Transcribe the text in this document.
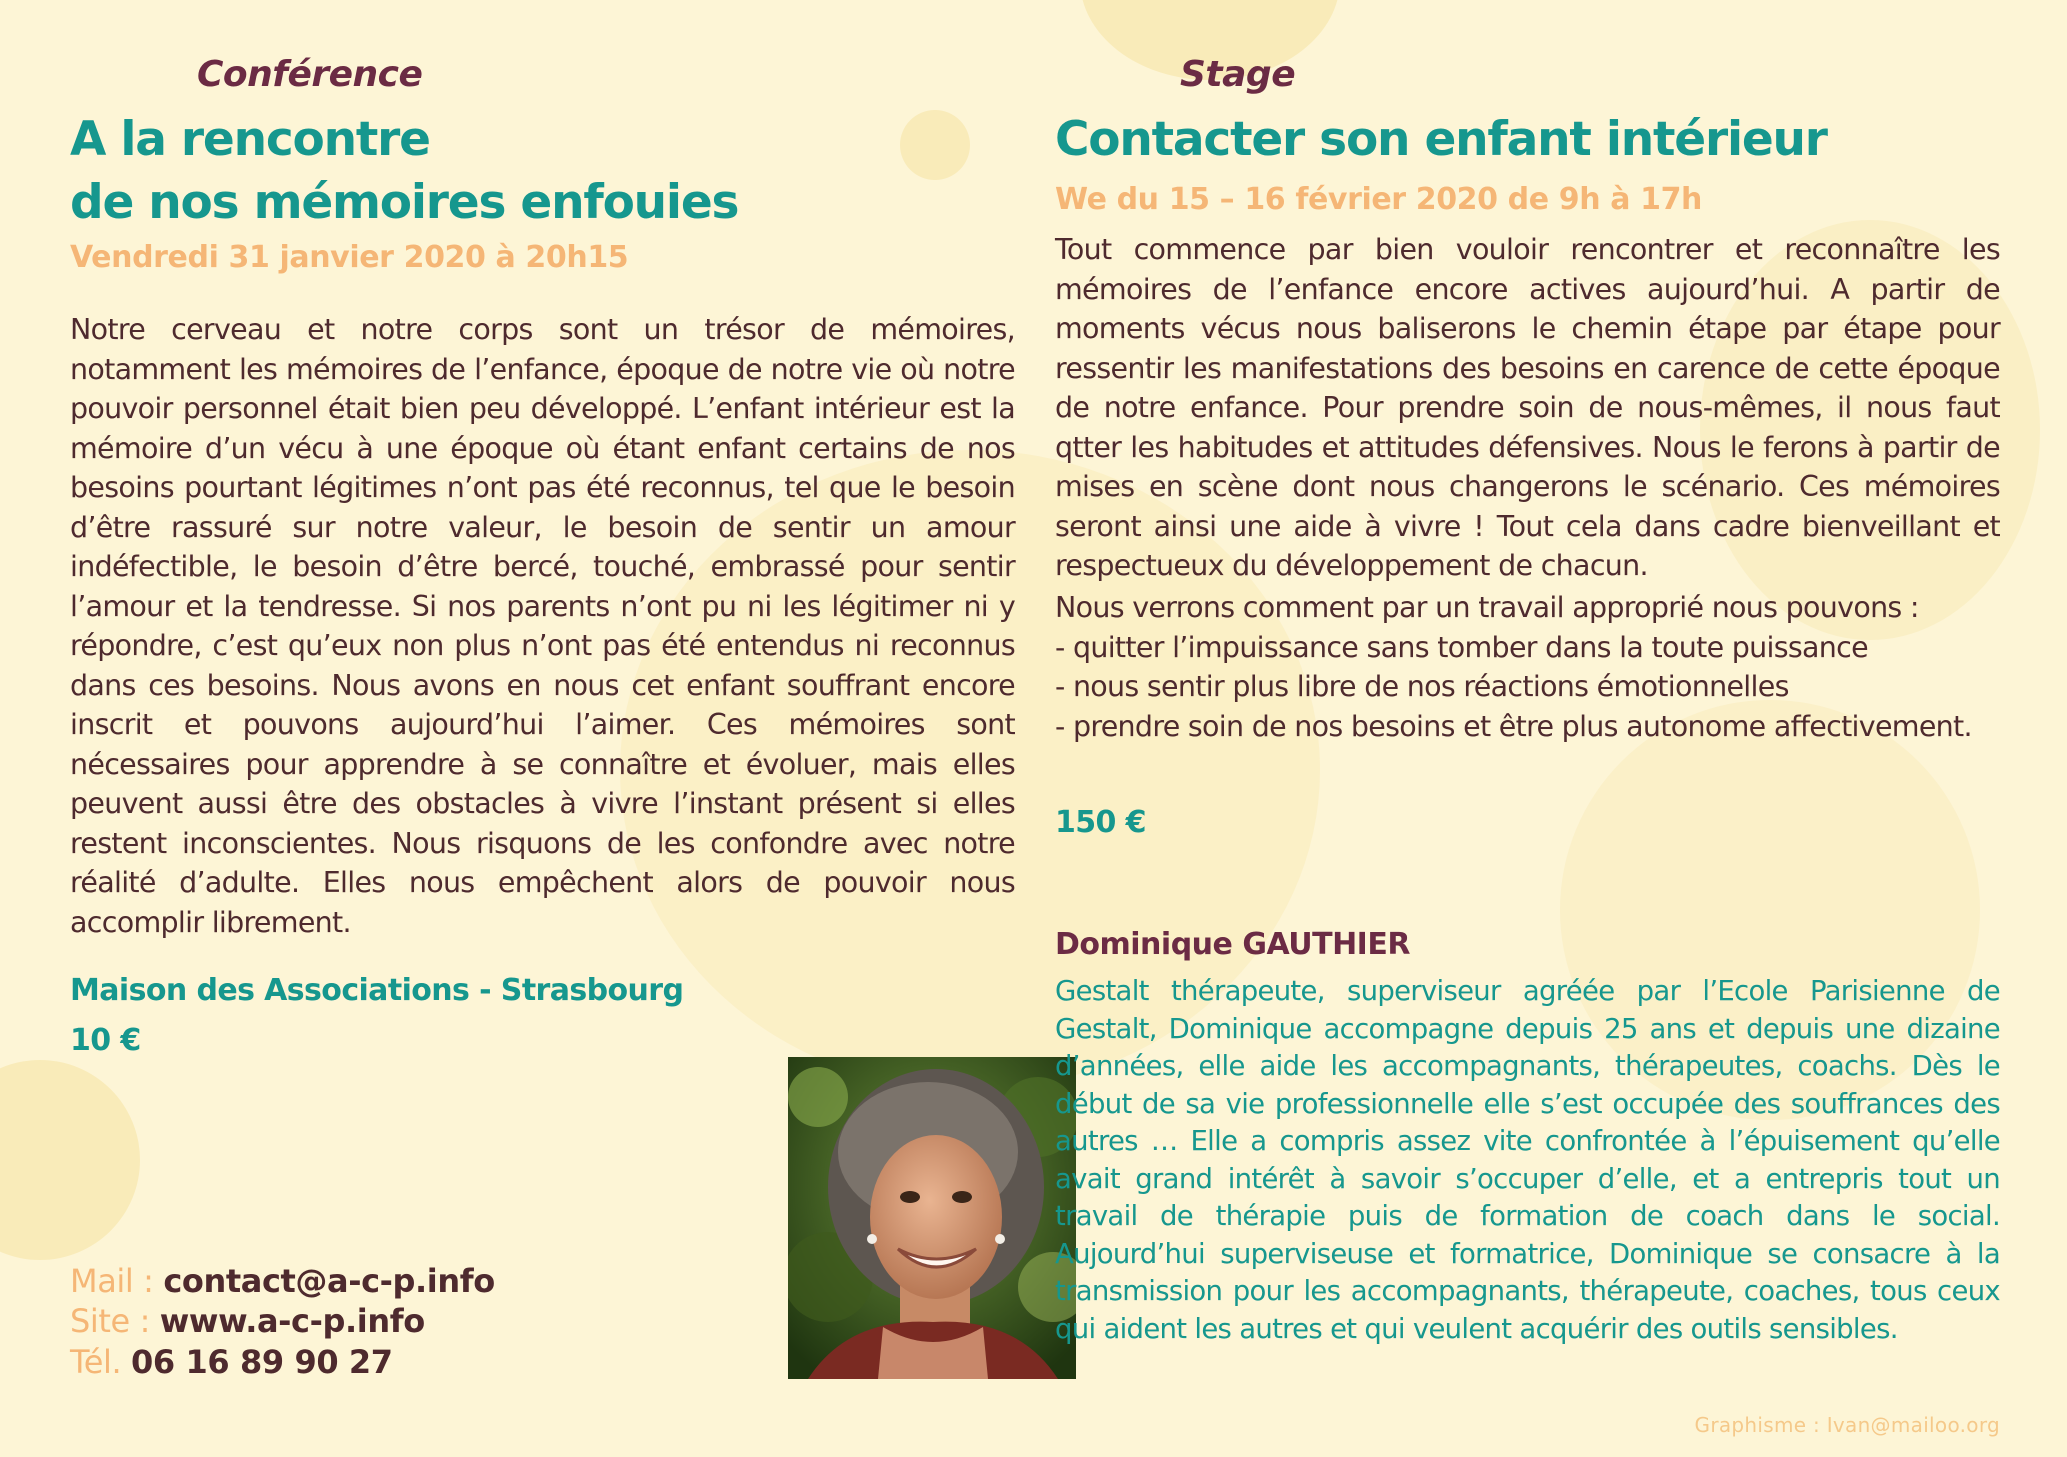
Conférence

A la rencontre
de nos mémoires enfouies

Vendredi 31 janvier 2020 à 20h15

Notre cerveau et notre corps sont un trésor de mémoires, notamment les mémoires de l’enfance, époque de notre vie où notre pouvoir personnel était bien peu développé. L’enfant intérieur est la mémoire d’un vécu à une époque où étant enfant certains de nos besoins pourtant légitimes n’ont pas été reconnus, tel que le besoin d’être rassuré sur notre valeur, le besoin de sentir un amour indéfectible, le besoin d’être bercé, touché, embrassé pour sentir l’amour et la tendresse. Si nos parents n’ont pu ni les légitimer ni y répondre, c’est qu’eux non plus n’ont pas été entendus ni reconnus dans ces besoins. Nous avons en nous cet enfant souffrant encore inscrit et pouvons aujourd’hui l’aimer. Ces mémoires sont nécessaires pour apprendre à se connaître et évoluer, mais elles peuvent aussi être des obstacles à vivre l’instant présent si elles restent inconscientes. Nous risquons de les confondre avec notre réalité d’adulte. Elles nous empêchent alors de pouvoir nous accomplir librement.

Maison des Associations - Strasbourg

10 €

Mail : contact@a-c-p.info

Site : www.a-c-p.info

Tél. 06 16 89 90 27

Stage

Contacter son enfant intérieur

We du 15 – 16 février 2020 de 9h à 17h

Tout commence par bien vouloir rencontrer et reconnaître les mémoires de l’enfance encore actives aujourd’hui. A partir de moments vécus nous baliserons le chemin étape par étape pour ressentir les manifestations des besoins en carence de cette époque de notre enfance. Pour prendre soin de nous-mêmes, il nous faut qtter les habitudes et attitudes défensives. Nous le ferons à partir de mises en scène dont nous changerons le scénario. Ces mémoires seront ainsi une aide à vivre ! Tout cela dans cadre bienveillant et respectueux du développement de chacun.

Nous verrons comment par un travail approprié nous pouvons :

- quitter l’impuissance sans tomber dans la toute puissance

- nous sentir plus libre de nos réactions émotionnelles

- prendre soin de nos besoins et être plus autonome affectivement.

150 €

Dominique GAUTHIER

Gestalt thérapeute, superviseur agréée par l’Ecole Parisienne de Gestalt, Dominique accompagne depuis 25 ans et depuis une dizaine d’années, elle aide les accompagnants, thérapeutes, coachs. Dès le début de sa vie professionnelle elle s’est occupée des souffrances des autres … Elle a compris assez vite confrontée à l’épuisement qu’elle avait grand intérêt à savoir s’occuper d’elle, et a entrepris tout un travail de thérapie puis de formation de coach dans le social. Aujourd’hui superviseuse et formatrice, Dominique se consacre à la transmission pour les accompagnants, thérapeute, coaches, tous ceux qui aident les autres et qui veulent acquérir des outils sensibles.

Graphisme : Ivan@mailoo.org
